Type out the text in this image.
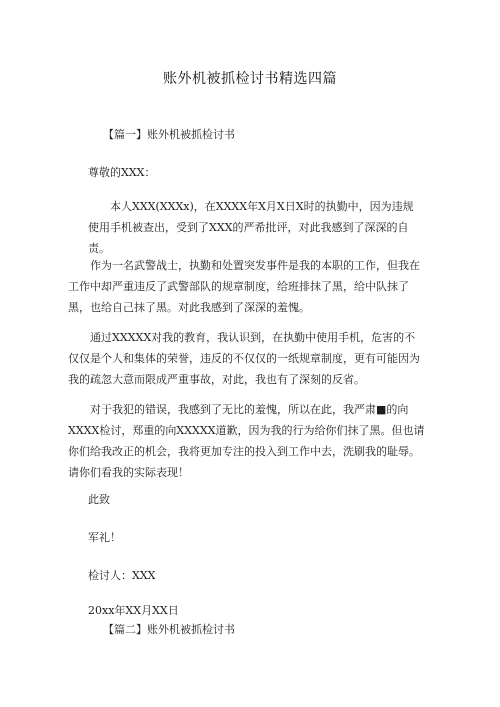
账外机被抓检讨书精选四篇
【篇一】账外机被抓检讨书
尊敬的XXX：
本人XXX(XXXx)，在XXXX年X月X日X时的执勤中，因为违规使用手机被查出，受到了XXX的严希批评，对此我感到了深深的自责。
作为一名武警战士，执勤和处置突发事件是我的本职的工作，但我在工作中却严重违反了武警部队的规章制度，给班排抹了黑，给中队抹了黑，也给自己抹了黑。对此我感到了深深的羞愧。
通过XXXXX对我的教育，我认识到，在执勤中使用手机，危害的不仅仅是个人和集体的荣誉，违反的不仅仅的一纸规章制度，更有可能因为我的疏忽大意而限成严重事故，对此，我也有了深刻的反省。
对于我犯的错误，我感到了无比的羞愧，所以在此，我严肃■的向XXXX检讨，郑重的向XXXXX道歉，因为我的行为给你们抹了黑。但也请你们给我改正的机会，我将更加专注的投入到工作中去，洗刷我的耻辱。请你们看我的实际表现！
此致
军礼！
检讨人：XXX
20xx年XX月XX日
【篇二】账外机被抓检讨书
